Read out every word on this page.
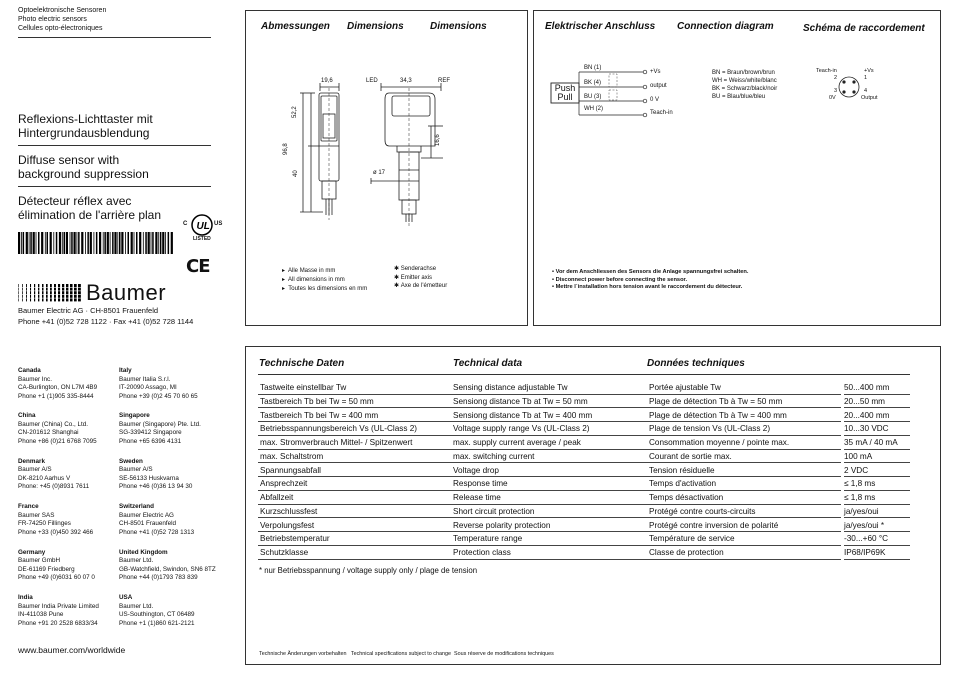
Optoelektronische Sensoren
Photo electric sensors
Cellules opto-électroniques
Reflexions-Lichttaster mit
Hintergrundausblendung
Diffuse sensor with
background suppression
Détecteur réflex avec
élimination de l'arrière plan
UL
C	US
LISTED
CE
Baumer
Baumer Electric AG · CH-8501 Frauenfeld
Phone +41 (0)52 728 1122 · Fax +41 (0)52 728 1144
Canada
Baumer Inc.
CA-Burlington, ON L7M 4B9
Phone +1 (1)905 335-8444
Italy
Baumer Italia S.r.l.
IT-20090 Assago, MI
Phone +39 (0)2 45 70 60 65
China
Baumer (China) Co., Ltd.
CN-201612 Shanghai
Phone +86 (0)21 6768 7095
Singapore
Baumer (Singapore) Pte. Ltd.
SG-339412 Singapore
Phone +65 6396 4131
Denmark
Baumer A/S
DK-8210 Aarhus V
Phone: +45 (0)8931 7611
Sweden
Baumer A/S
SE-56133 Huskvarna
Phone +46 (0)36 13 94 30
France
Baumer SAS
FR-74250 Fillinges
Phone +33 (0)450 392 466
Switzerland
Baumer Electric AG
CH-8501 Frauenfeld
Phone +41 (0)52 728 1313
Germany
Baumer GmbH
DE-61169 Friedberg
Phone +49 (0)6031 60 07 0
United Kingdom
Baumer Ltd.
GB-Watchfield, Swindon, SN6 8TZ
Phone +44 (0)1793 783 839
India
Baumer India Private Limited
IN-411038 Pune
Phone +91 20 2528 6833/34
USA
Baumer Ltd.
US-Southington, CT 06489
Phone +1 (1)860 621-2121
www.baumer.com/worldwide
Abmessungen Dimensions	Dimensions
19,6	LED	34,3	REF
52,2
96,8
40
16,6
ø 17
▸  Alle Masse in mm
▸  All dimensions in mm
▸  Toutes les dimensions en mm
✱ Senderachse
✱ Emitter axis
✱ Axe de l'émetteur
Elektrischer Anschluss Connection diagram	Schéma de raccordement
BN (1)
BK (4)
BU (3)
WH (2)
+Vs
output
0 V
Teach-in
Push
Pull
BN = Braun/brown/brun
WH = Weiss/white/blanc
BK = Schwarz/black/noir
BU = Blau/blue/bleu
Teach-in	+Vs
2	1
3	4
0V	Output
• Vor dem Anschliessen des Sensors die Anlage spannungsfrei schalten.
• Disconnect power before connecting the sensor.
• Mettre l´installation hors tension avant le raccordement du détecteur.
Technische Daten	Technical data	Données techniques
Tastweite einstellbar Tw	Sensing distance adjustable Tw	Portée ajustable Tw	50...400 mm
Tastbereich Tb bei Tw = 50 mm	Sensiong distance Tb at Tw = 50 mm	Plage de détection Tb à Tw = 50 mm	20...50 mm
Tastbereich Tb bei Tw = 400 mm	Sensiong distance Tb at Tw = 400 mm	Plage de détection Tb à Tw = 400 mm	20...400 mm
Betriebsspannungsbereich Vs (UL-Class 2)	Voltage supply range Vs (UL-Class 2)	Plage de tension Vs (UL-Class 2)	10...30 VDC
max. Stromverbrauch Mittel- / Spitzenwert	max. supply current average / peak	Consommation moyenne / pointe max.	35 mA / 40 mA
max. Schaltstrom	max. switching current	Courant de sortie max.	100 mA
Spannungsabfall	Voltage drop	Tension résiduelle	2 VDC
Ansprechzeit	Response time	Temps d'activation	≤ 1,8 ms
Abfallzeit	Release time	Temps désactivation	≤ 1,8 ms
Kurzschlussfest	Short circuit protection	Protégé contre courts-circuits	ja/yes/oui
Verpolungsfest	Reverse polarity protection	Protégé contre inversion de polarité	ja/yes/oui *
Betriebstemperatur	Temperature range	Température de service	-30...+60 °C
Schutzklasse	Protection class	Classe de protection	IP68/IP69K
* nur Betriebsspannung / voltage supply only / plage de tension
Technische Änderungen vorbehalten   Technical specifications subject to change  Sous réserve de modifications techniques
